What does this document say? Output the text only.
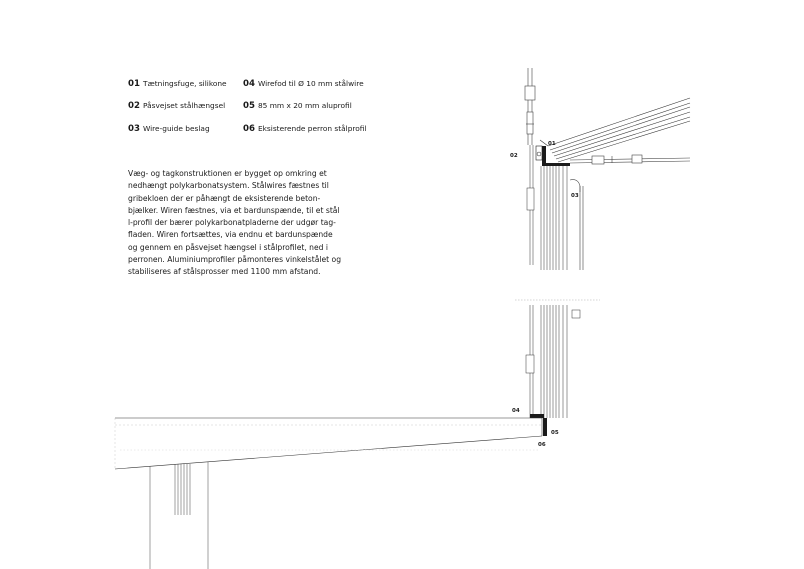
01 Tætningsfuge, silikone
02 Påsvejset stålhængsel
03 Wire-guide beslag
04 Wirefod til Ø 10 mm stålwire
05 85 mm x 20 mm aluprofil
06 Eksisterende perron stålprofil

Væg- og tagkonstruktionen er bygget op omkring et
nedhængt polykarbonatsystem. Stålwires fæstnes til
gribekloen der er påhængt de eksisterende beton-
bjælker. Wiren fæstnes, via et bardunspænde, til et stål
l-profil der bærer polykarbonatpladerne der udgør tag-
fladen. Wiren fortsættes, via endnu et bardunspænde
og gennem en påsvejset hængsel i stålprofilet, ned i
perronen. Aluminiumprofiler påmonteres vinkelstålet og
stabiliseres af stålsprosser med 1100 mm afstand.

01
02
03
04
05
06
